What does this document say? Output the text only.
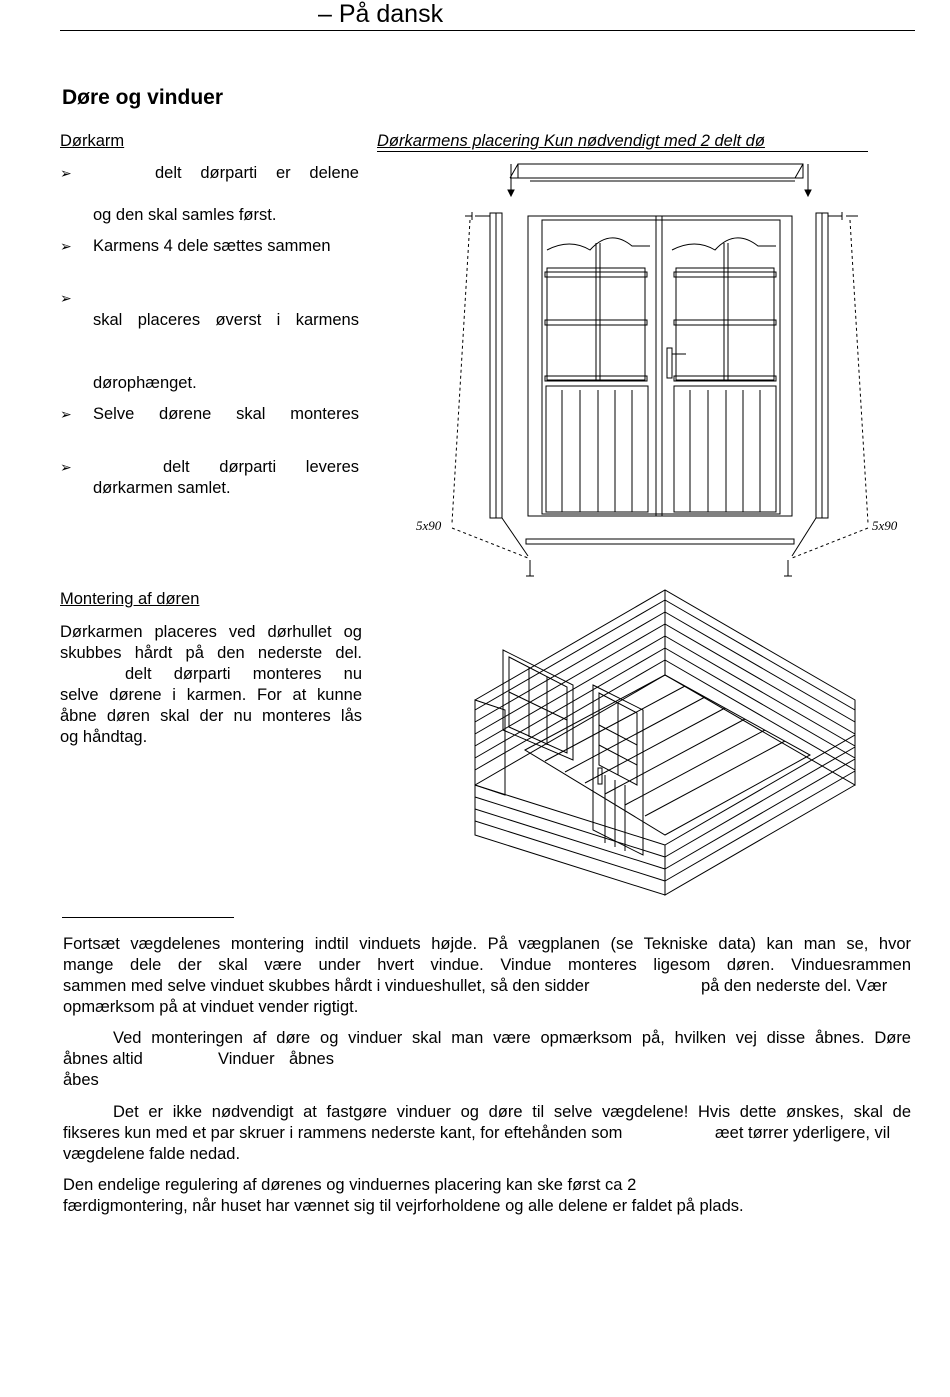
– På dansk
Døre og vinduer
Dørkarm	Dørkarmens placering Kun nødvendigt med 2 delt dø
➢	delt dørparti er delene
og den skal samles først.
➢ Karmens 4 dele sættes sammen
➢
skal placeres øverst i karmens
dørophænget.
➢ Selve dørene skal monteres
➢	delt dørparti leveres
dørkarmen samlet.
5x90	5x90
Montering af døren
Dørkarmen placeres ved dørhullet og
skubbes hårdt på den nederste del.
delt dørparti monteres nu
selve dørene i karmen. For at kunne
åbne døren skal der nu monteres lås
og håndtag.
Fortsæt vægdelenes montering indtil vinduets højde. På vægplanen (se Tekniske data) kan man se, hvor
mange dele der skal være under hvert vindue. Vindue monteres ligesom døren. Vinduesrammen
sammen med selve vinduet skubbes hårdt i vindueshullet, så den sidder	på den nederste del. Vær
opmærksom på at vinduet vender rigtigt.
Ved monteringen af døre og vinduer skal man være opmærksom på, hvilken vej disse åbnes. Døre
åbnes altid	Vinduer åbnes
åbes
Det er ikke nødvendigt at fastgøre vinduer og døre til selve vægdelene! Hvis dette ønskes, skal de
fikseres kun med et par skruer i rammens nederste kant, for eftehånden som	æet tørrer yderligere, vil
vægdelene falde nedad.
Den endelige regulering af dørenes og vinduernes placering kan ske først ca 2
færdigmontering, når huset har vænnet sig til vejrforholdene og alle delene er faldet på plads.
